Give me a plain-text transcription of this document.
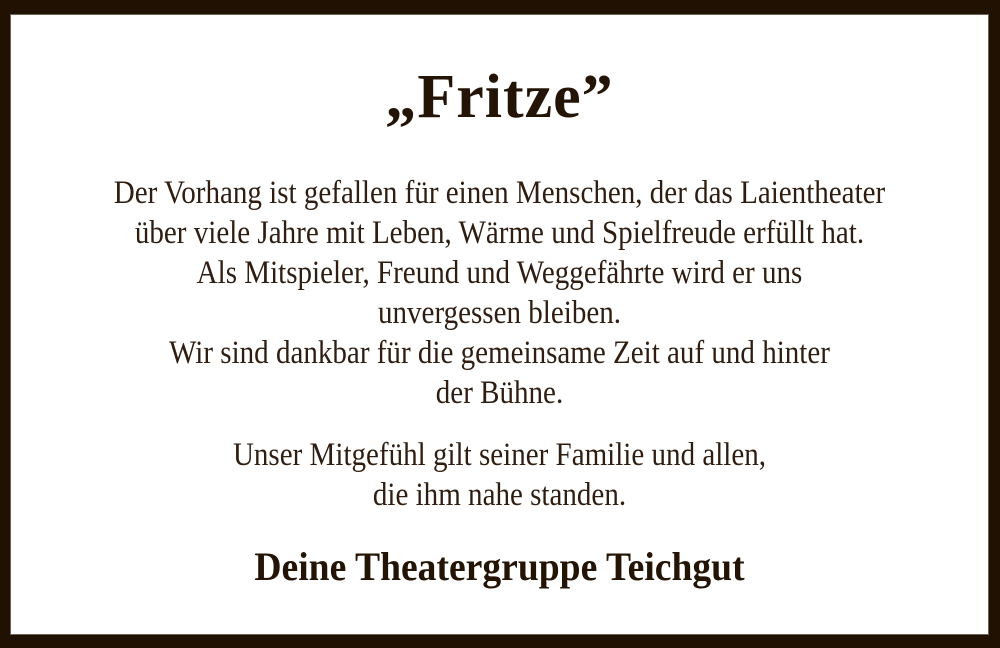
„Fritze”
Der Vorhang ist gefallen für einen Menschen, der das Laientheater
über viele Jahre mit Leben, Wärme und Spielfreude erfüllt hat.
Als Mitspieler, Freund und Weggefährte wird er uns
unvergessen bleiben.
Wir sind dankbar für die gemeinsame Zeit auf und hinter
der Bühne.
Unser Mitgefühl gilt seiner Familie und allen,
die ihm nahe standen.
Deine Theatergruppe Teichgut
